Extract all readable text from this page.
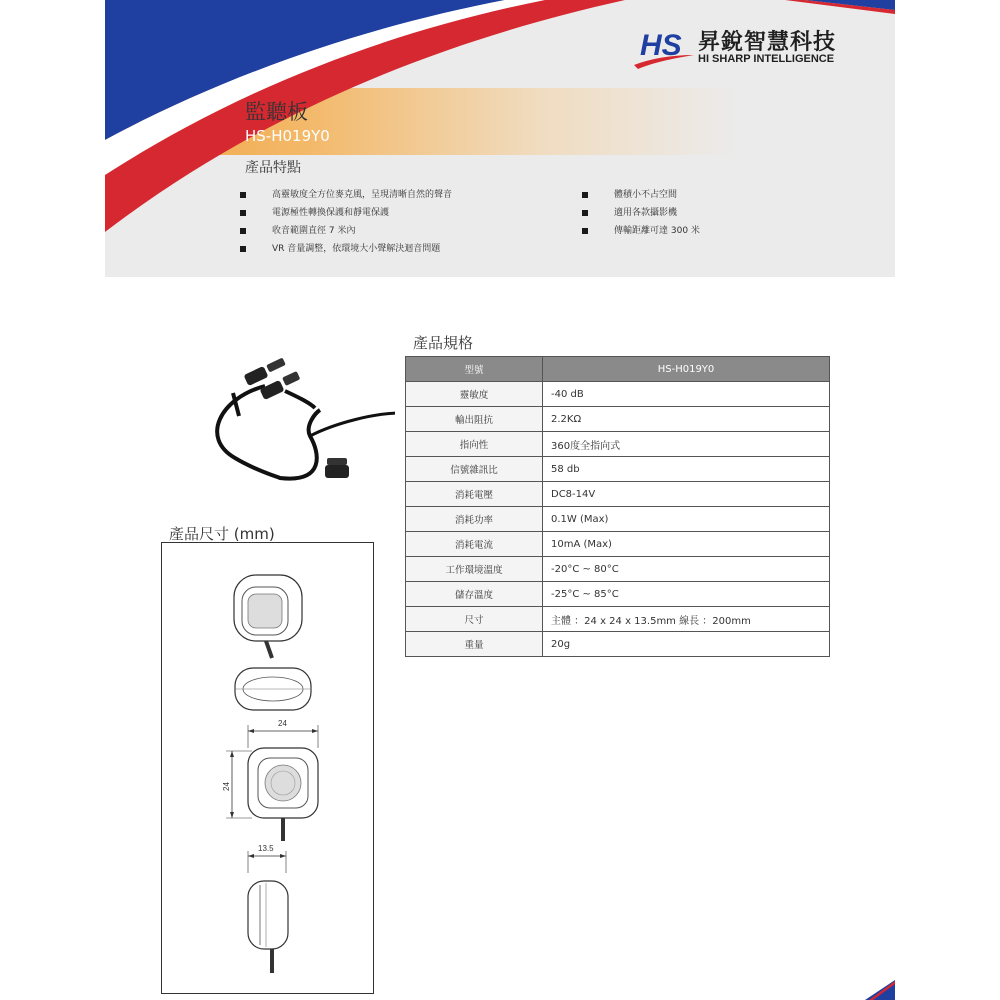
HS 昇銳智慧科技
HI SHARP INTELLIGENCE
監聽板
HS-H019Y0
產品特點
高靈敏度全方位麥克風，呈現清晰自然的聲音
電源極性轉換保護和靜電保護
收音範圍直徑 7 米內
VR 音量調整，依環境大小聲解決迴音問題
體積小不占空間
適用各款攝影機
傳輸距離可達 300 米
產品尺寸 (mm)
24
24
13.5
產品規格
型號	HS-H019Y0
靈敏度	-40 dB
輸出阻抗	2.2KΩ
指向性	360度全指向式
信號雜訊比	58 db
消耗電壓	DC8-14V
消耗功率	0.1W (Max)
消耗電流	10mA (Max)
工作環境溫度	-20°C ~ 80°C
儲存溫度	-25°C ~ 85°C
尺寸	主體 ：24 x 24 x 13.5mm 線長 ：200mm
重量	20g
